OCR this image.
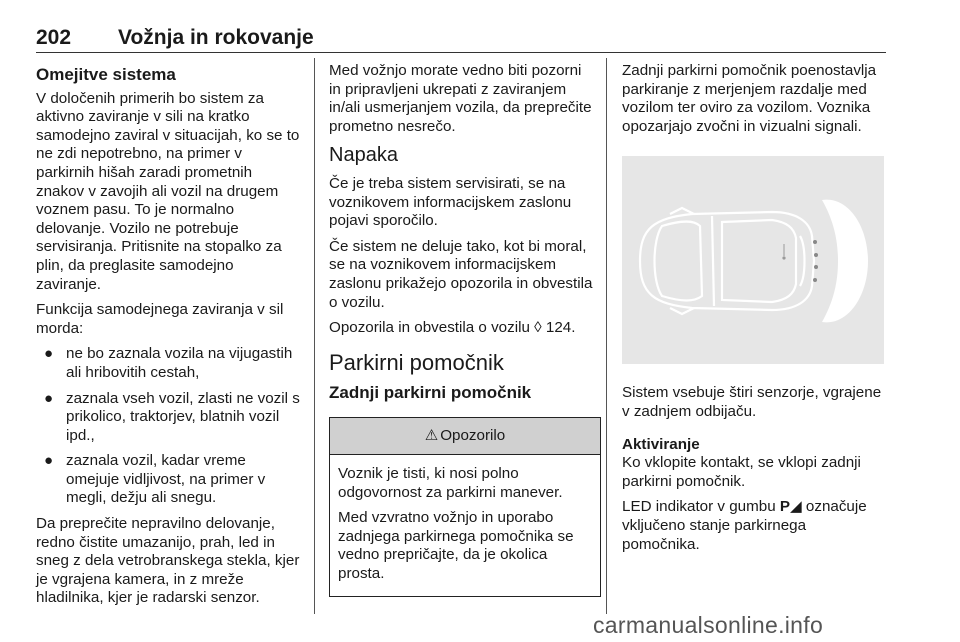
202 Vožnja in rokovanje
Omejitve sistema

V določenih primerih bo sistem za aktivno zaviranje v sili na kratko samodejno zaviral v situacijah, ko se to ne zdi nepotrebno, na primer v parkirnih hišah zaradi prometnih znakov v zavojih ali vozil na drugem voznem pasu. To je normalno delovanje. Vozilo ne potrebuje servisiranja. Pritisnite na stopalko za plin, da preglasite samodejno zaviranje.

Funkcija samodejnega zaviranja v sil morda:

● ne bo zaznala vozila na vijugastih ali hribovitih cestah,
● zaznala vseh vozil, zlasti ne vozil s prikolico, traktorjev, blatnih vozil ipd.,
● zaznala vozil, kadar vreme omejuje vidljivost, na primer v megli, dežju ali snegu.

Da preprečite nepravilno delovanje, redno čistite umazanijo, prah, led in sneg z dela vetrobranskega stekla, kjer je vgrajena kamera, in z mreže hladilnika, kjer je radarski senzor.

Med vožnjo morate vedno biti pozorni in pripravljeni ukrepati z zaviranjem in/ali usmerjanjem vozila, da preprečite prometno nesrečo.

Napaka

Če je treba sistem servisirati, se na voznikovem informacijskem zaslonu pojavi sporočilo.

Če sistem ne deluje tako, kot bi moral, se na voznikovem informacijskem zaslonu prikažejo opozorila in obvestila o vozilu.

Opozorila in obvestila o vozilu ◊ 124.

Parkirni pomočnik
Zadnji parkirni pomočnik
⚠ Opozorilo

Voznik je tisti, ki nosi polno odgovornost za parkirni manever.

Med vzvratno vožnjo in uporabo zadnjega parkirnega pomočnika se vedno prepričajte, da je okolica prosta.

Zadnji parkirni pomočnik poenostavlja parkiranje z merjenjem razdalje med vozilom ter oviro za vozilom. Voznika opozarjajo zvočni in vizualni signali.

Sistem vsebuje štiri senzorje, vgrajene v zadnjem odbijaču.

Aktiviranje

Ko vklopite kontakt, se vklopi zadnji parkirni pomočnik.

LED indikator v gumbu P◢ označuje vključeno stanje parkirnega pomočnika.

carmanualsonline.info
